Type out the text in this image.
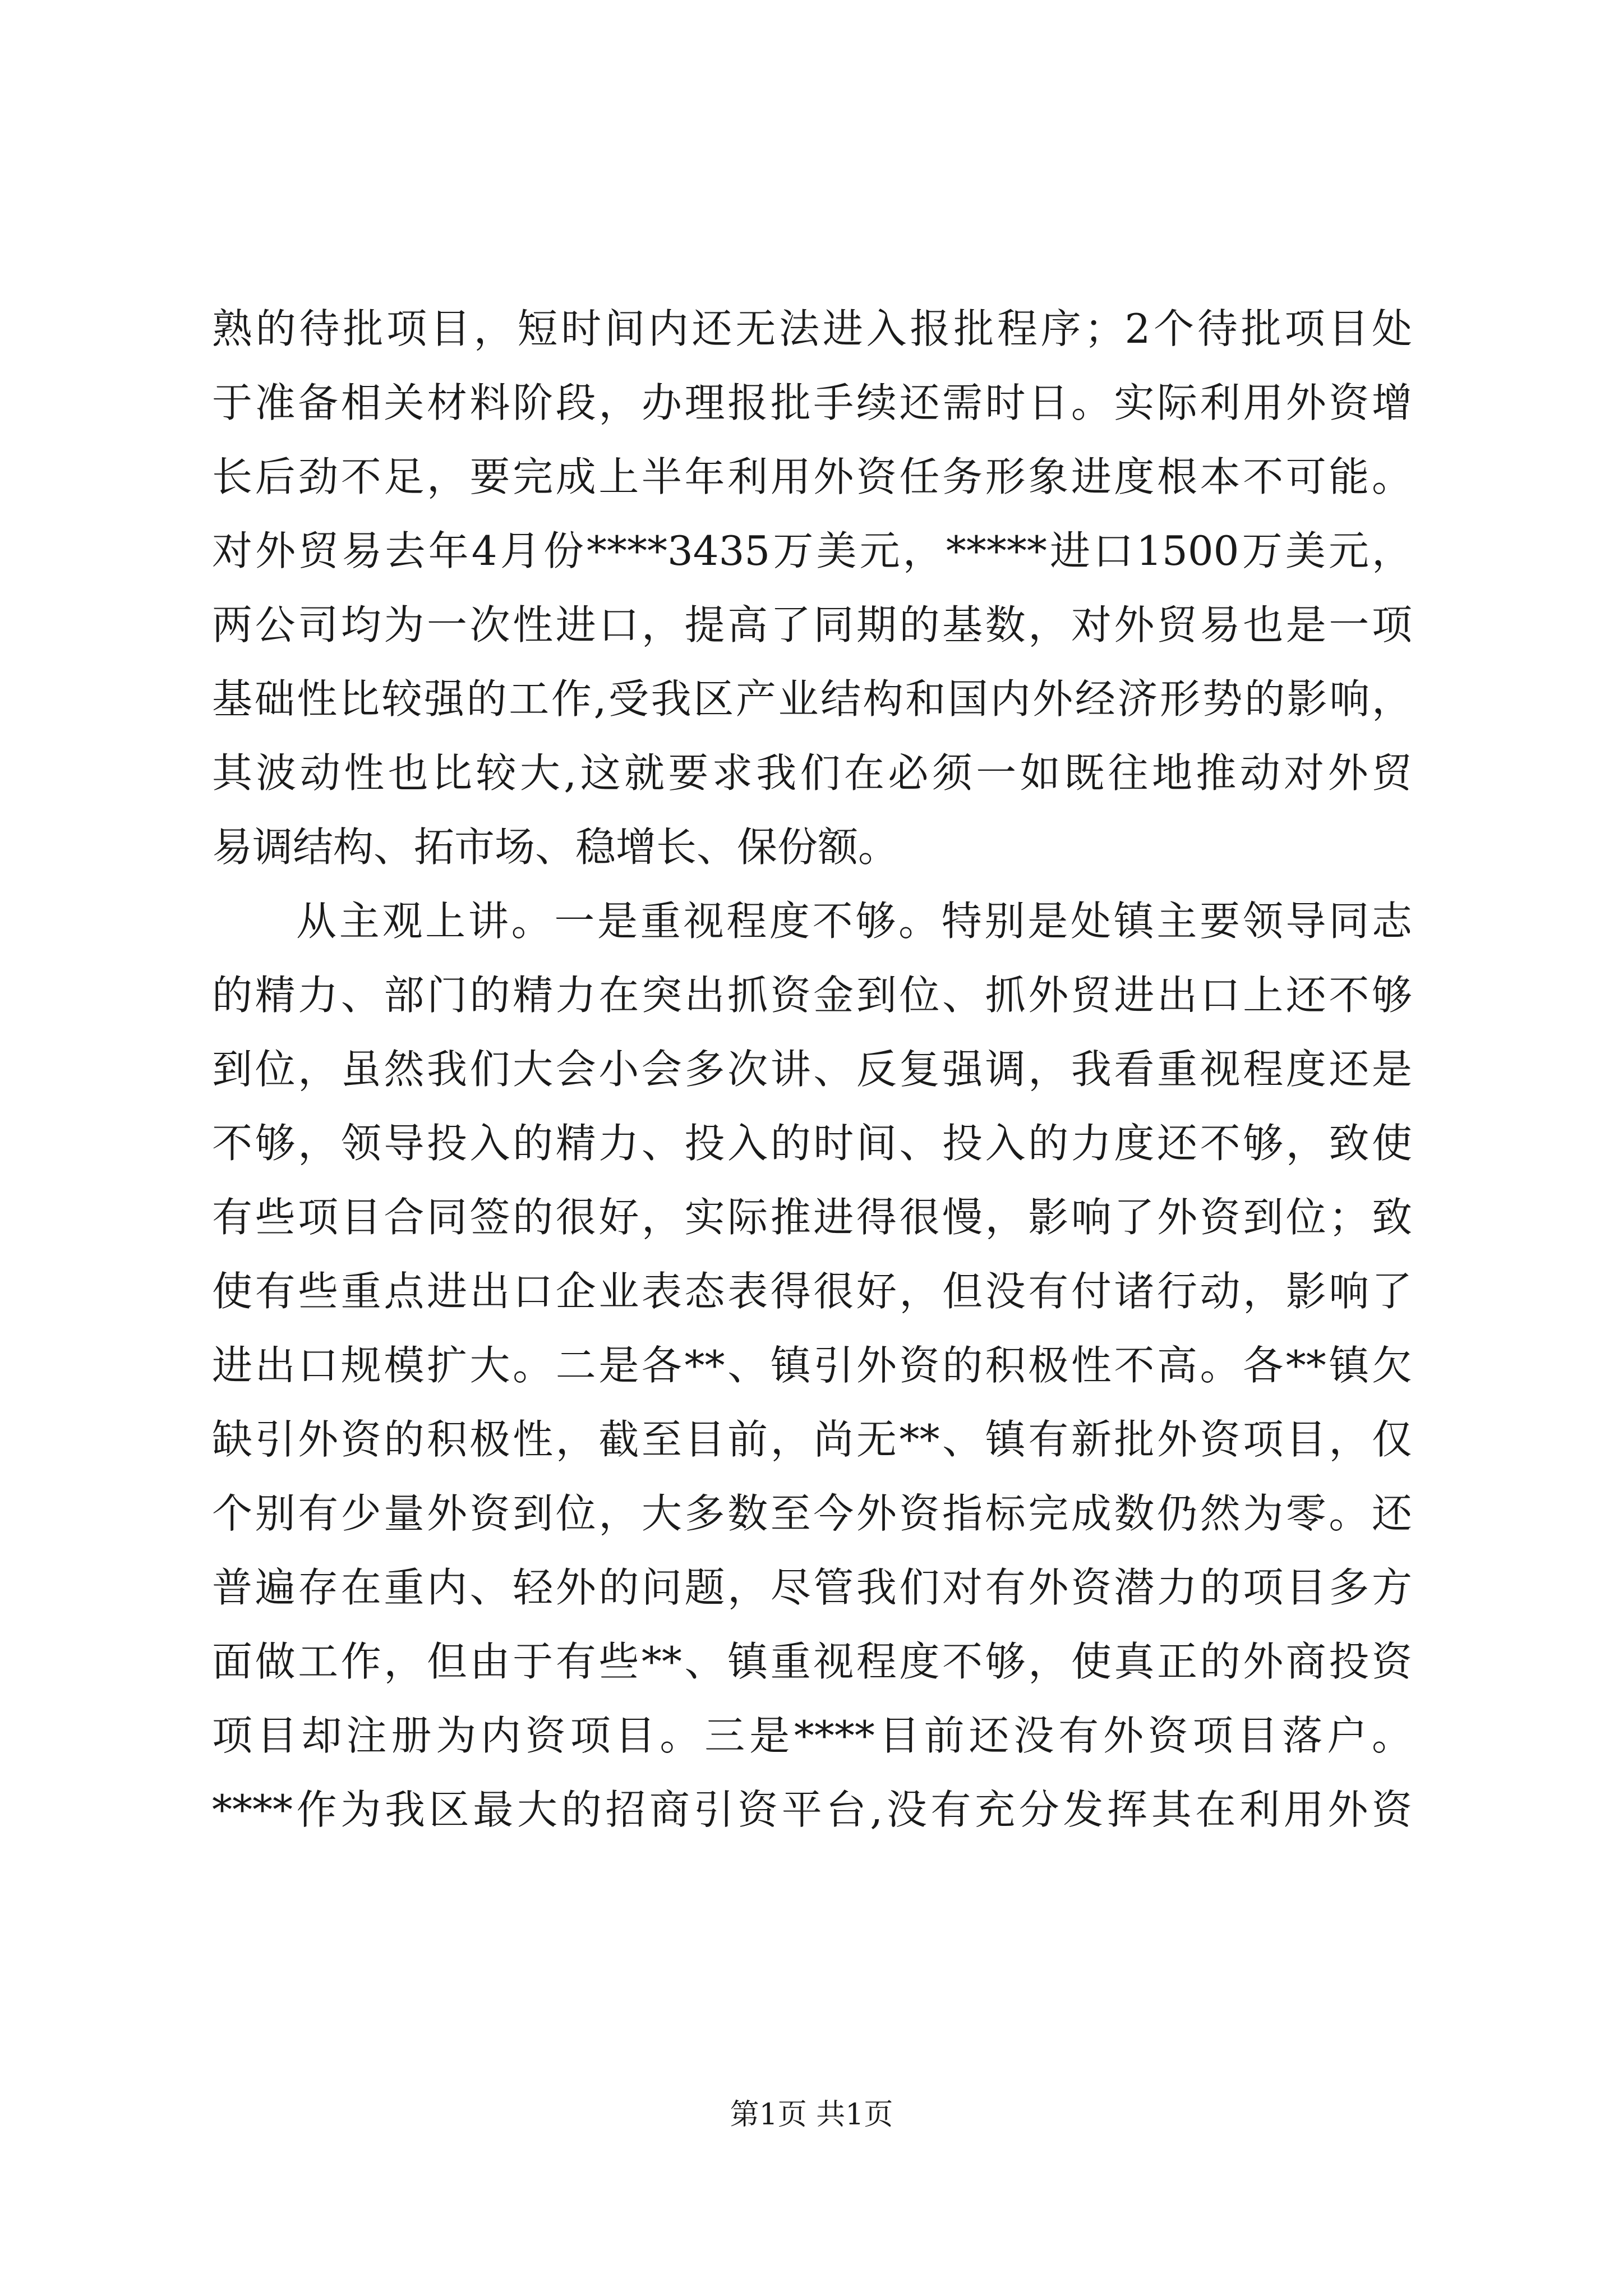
熟的待批项目，短时间内还无法进入报批程序；2个待批项目处
于准备相关材料阶段，办理报批手续还需时日。实际利用外资增
长后劲不足，要完成上半年利用外资任务形象进度根本不可能。
对外贸易去年4月份****3435万美元，*****进口1500万美元，
两公司均为一次性进口，提高了同期的基数，对外贸易也是一项
基础性比较强的工作,受我区产业结构和国内外经济形势的影响，
其波动性也比较大,这就要求我们在必须一如既往地推动对外贸
易调结构、拓市场、稳增长、保份额。
从主观上讲。一是重视程度不够。特别是处镇主要领导同志
的精力、部门的精力在突出抓资金到位、抓外贸进出口上还不够
到位，虽然我们大会小会多次讲、反复强调，我看重视程度还是
不够，领导投入的精力、投入的时间、投入的力度还不够，致使
有些项目合同签的很好，实际推进得很慢，影响了外资到位；致
使有些重点进出口企业表态表得很好，但没有付诸行动，影响了
进出口规模扩大。二是各**、镇引外资的积极性不高。各**镇欠
缺引外资的积极性，截至目前，尚无**、镇有新批外资项目，仅
个别有少量外资到位，大多数至今外资指标完成数仍然为零。还
普遍存在重内、轻外的问题，尽管我们对有外资潜力的项目多方
面做工作，但由于有些**、镇重视程度不够，使真正的外商投资
项目却注册为内资项目。三是****目前还没有外资项目落户。
****作为我区最大的招商引资平台,没有充分发挥其在利用外资
第1页 共1页
